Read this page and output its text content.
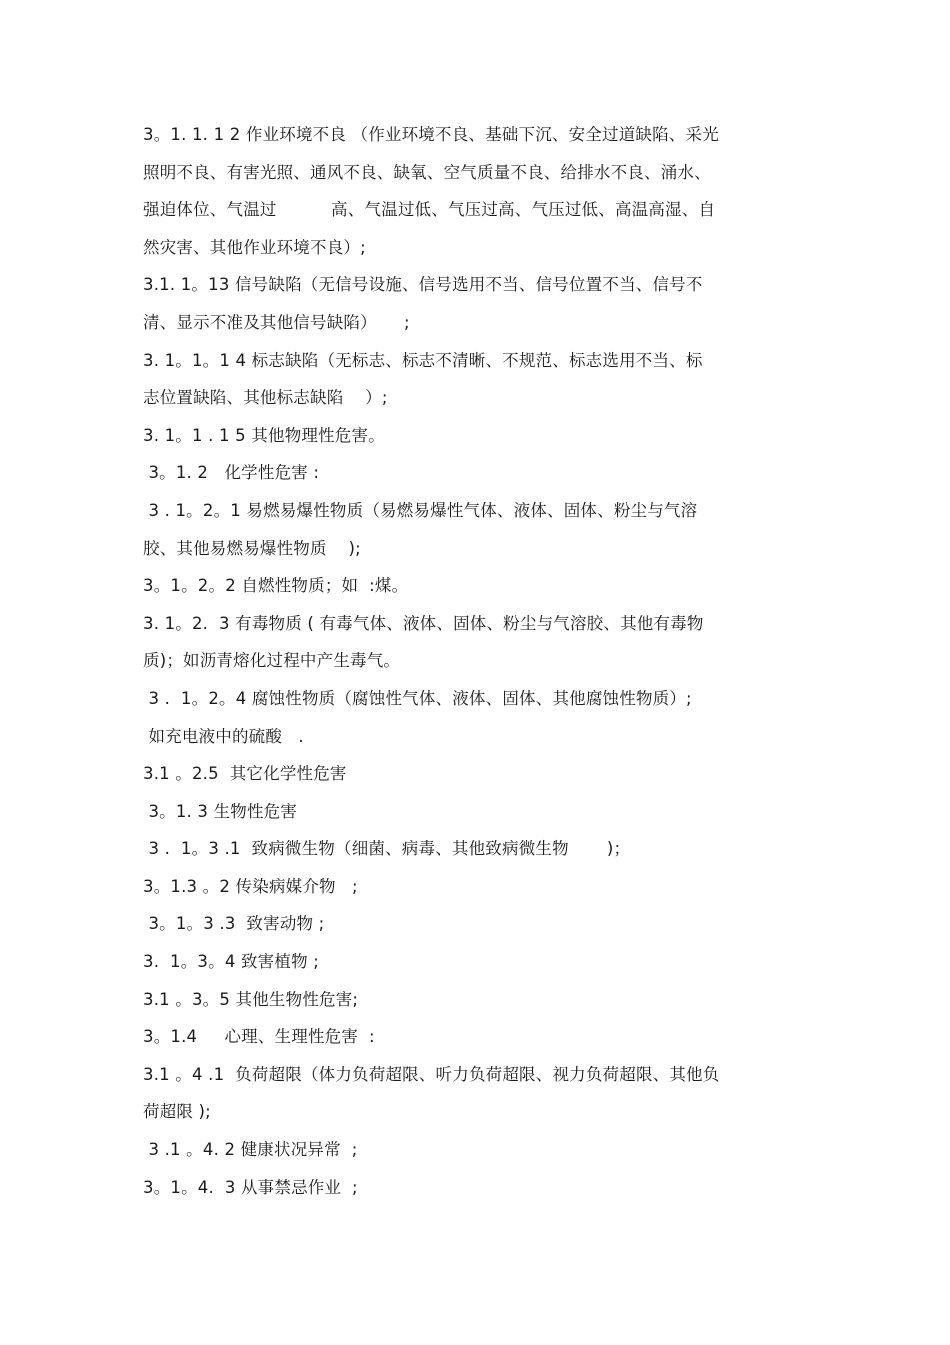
3。1. 1. 1 2 作业环境不良 （作业环境不良、基础下沉、安全过道缺陷、采光
照明不良、有害光照、通风不良、缺氧、空气质量不良、给排水不良、涌水、
强迫体位、气温过          高、气温过低、气压过高、气压过低、高温高湿、自
然灾害、其他作业环境不良）;
3.1. 1。13 信号缺陷（无信号设施、信号选用不当、信号位置不当、信号不
清、显示不准及其他信号缺陷）     ;
3. 1。1。1 4 标志缺陷（无标志、标志不清晰、不规范、标志选用不当、标
志位置缺陷、其他标志缺陷    ）;
3. 1。1 . 1 5 其他物理性危害。
3。1. 2   化学性危害 :
3 . 1。2。1 易燃易爆性物质（易燃易爆性气体、液体、固体、粉尘与气溶
胶、其他易燃易爆性物质    );
3。1。2。2 自燃性物质；如  :煤。
3. 1。2.  3 有毒物质 ( 有毒气体、液体、固体、粉尘与气溶胶、其他有毒物
质)；如沥青熔化过程中产生毒气。
3 .  1。2。4 腐蚀性物质（腐蚀性气体、液体、固体、其他腐蚀性物质）;
如充电液中的硫酸   .
3.1 。2.5  其它化学性危害
3。1. 3 生物性危害
3 .  1。3 .1  致病微生物（细菌、病毒、其他致病微生物       )；
3。1.3 。2 传染病媒介物   ;
3。1。3 .3  致害动物 ;
3.  1。3。4 致害植物 ;
3.1 。3。5 其他生物性危害;
3。1.4     心理、生理性危害  :
3.1 。4 .1  负荷超限（体力负荷超限、听力负荷超限、视力负荷超限、其他负
荷超限 );
3 .1 。4. 2 健康状况异常  ;
3。1。4.  3 从事禁忌作业  ;
